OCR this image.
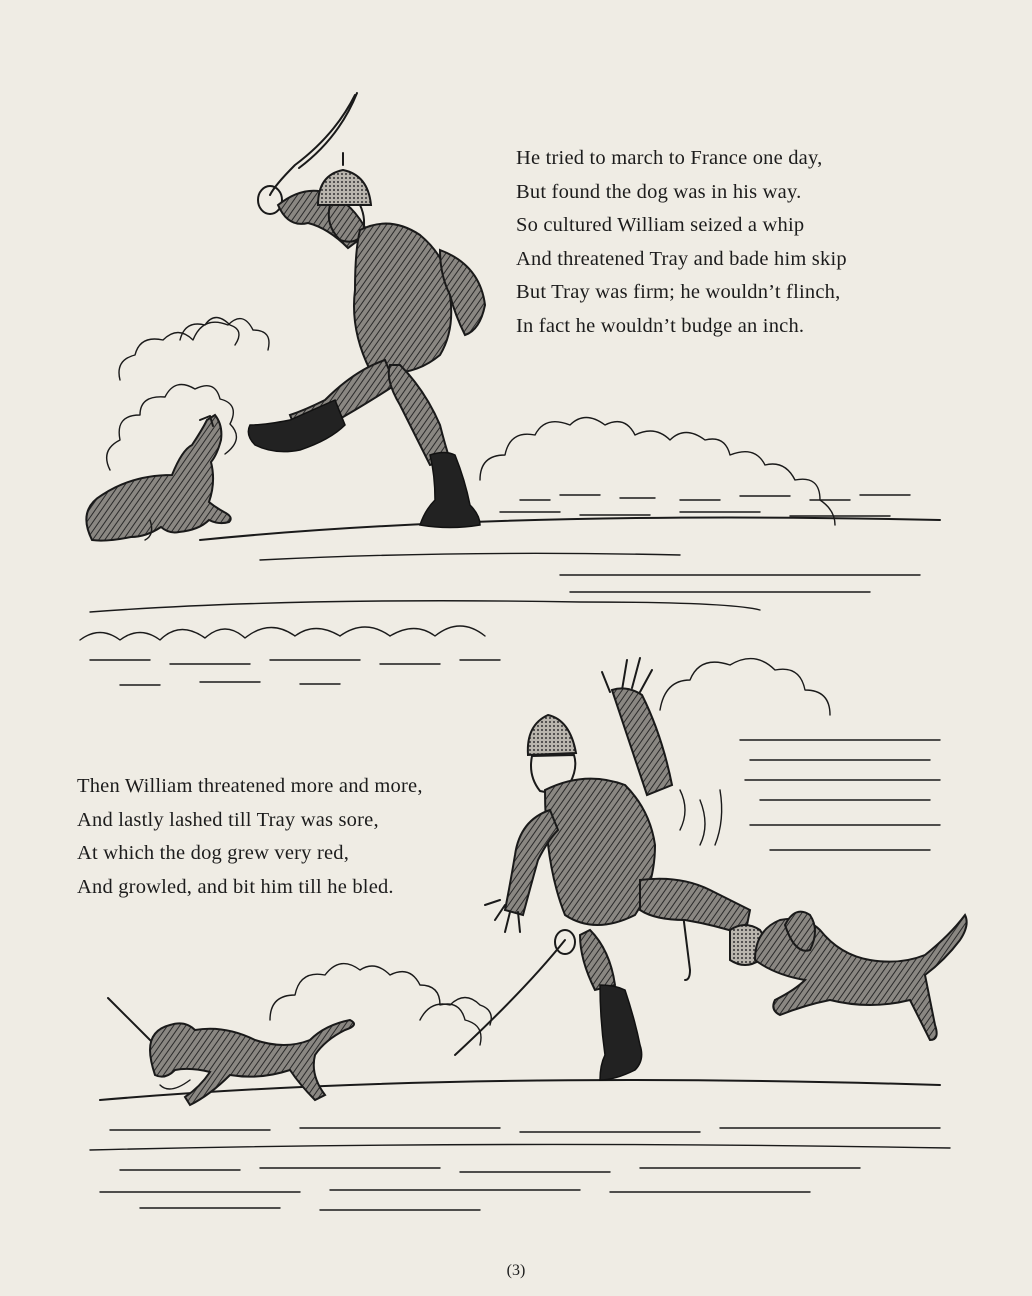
He tried to march to France one day,
But found the dog was in his way.
So cultured William seized a whip
And threatened Tray and bade him skip
But Tray was firm; he wouldn’t flinch,
In fact he wouldn’t budge an inch.
Then William threatened more and more,
And lastly lashed till Tray was sore,
At which the dog grew very red,
And growled, and bit him till he bled.
(3)
